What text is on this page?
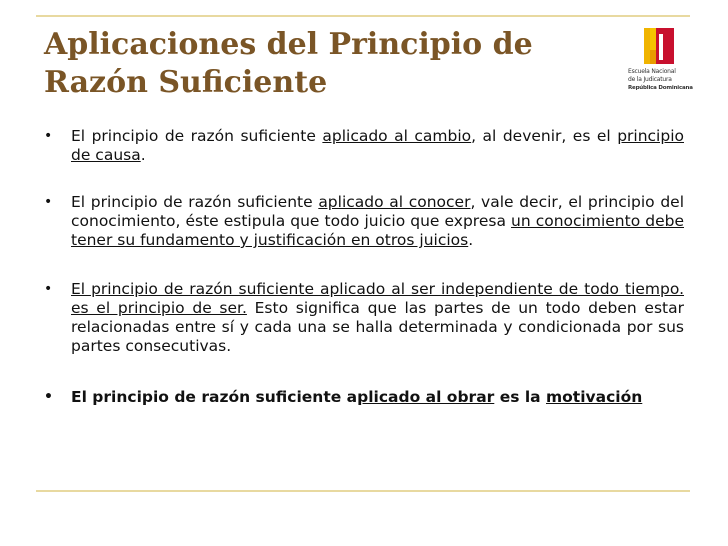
Aplicaciones del Principio de Razón Suficiente	Escuela Nacional
de la Judicatura
República Dominicana
• El principio de razón suficiente aplicado al cambio, al devenir, es el principio de causa.
• El principio de razón suficiente aplicado al conocer, vale decir, el principio del conocimiento, éste estipula que todo juicio que expresa un conocimiento debe tener su fundamento y justificación en otros juicios.
• El principio de razón suficiente aplicado al ser independiente de todo tiempo. es el principio de ser. Esto significa que las partes de un todo deben estar relacionadas entre sí y cada una se halla determinada y condicionada por sus partes consecutivas.
• El principio de razón suficiente aplicado al obrar es la motivación
